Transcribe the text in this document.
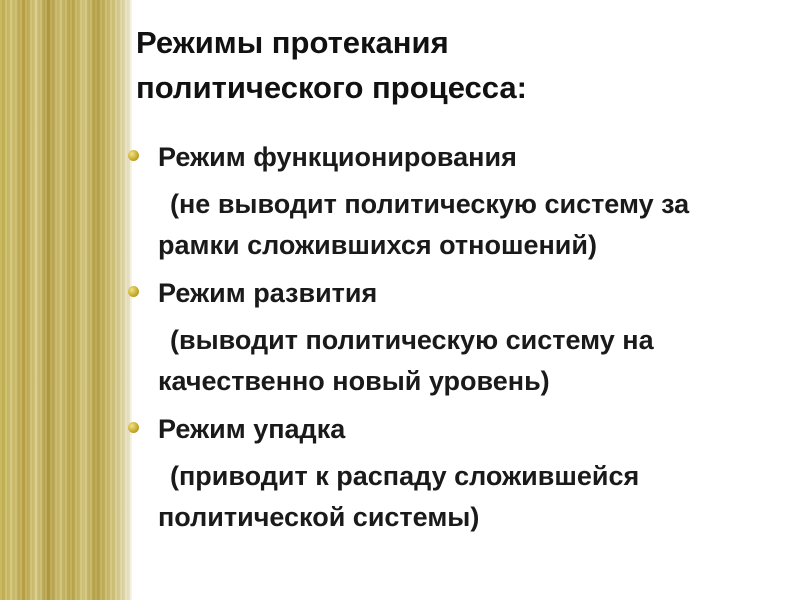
Режимы протекания
политического процесса:
Режим функционирования
(не выводит политическую систему за
рамки сложившихся отношений)
Режим развития
(выводит политическую систему на
качественно новый уровень)
Режим упадка
(приводит к распаду сложившейся
политической системы)
